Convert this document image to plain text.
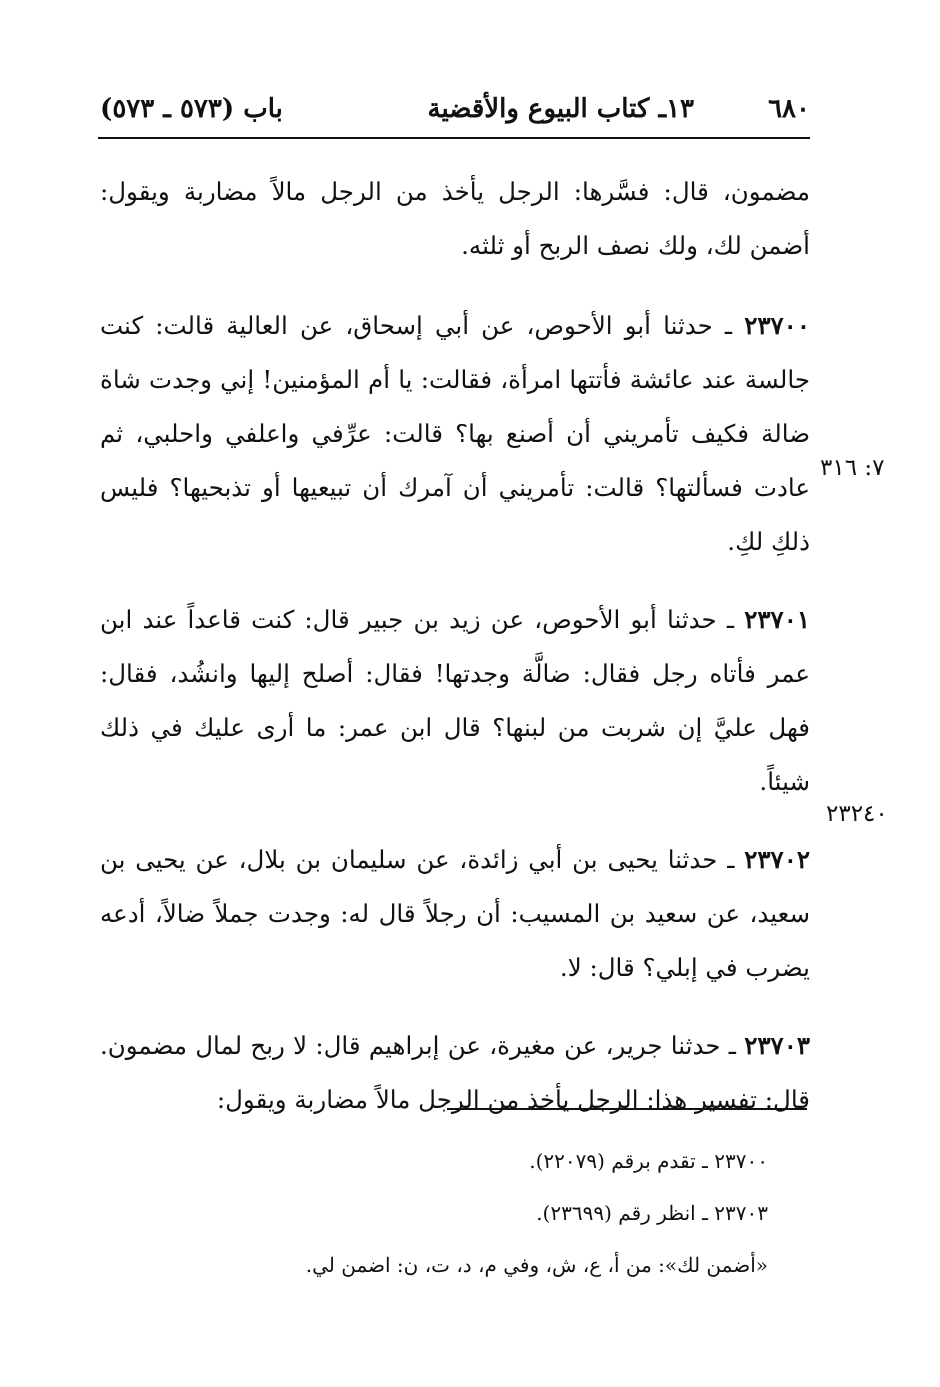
٦٨٠
١٣ـ كتاب البيوع والأقضية
باب (٥٧٣ ـ ٥٧٣)

مضمون، قال: فسَّرها: الرجل يأخذ من الرجل مالاً مضاربة ويقول: أضمن لك، ولك نصف الربح أو ثلثه.

٢٣٧٠٠ ـ حدثنا أبو الأحوص، عن أبي إسحاق، عن العالية قالت: كنت جالسة عند عائشة فأتتها امرأة، فقالت: يا أم المؤمنين! إني وجدت شاة ضالة فكيف تأمريني أن أصنع بها؟ قالت: عرِّفي واعلفي واحلبي، ثم عادت فسألتها؟ قالت: تأمريني أن آمرك أن تبيعيها أو تذبحيها؟ فليس ذلكِ لكِ.

٢٣٧٠١ ـ حدثنا أبو الأحوص، عن زيد بن جبير قال: كنت قاعداً عند ابن عمر فأتاه رجل فقال: ضالَّة وجدتها! فقال: أصلح إليها وانشُد، فقال: فهل عليَّ إن شربت من لبنها؟ قال ابن عمر: ما أرى عليك في ذلك شيئاً.

٢٣٧٠٢ ـ حدثنا يحيى بن أبي زائدة، عن سليمان بن بلال، عن يحيى بن سعيد، عن سعيد بن المسيب: أن رجلاً قال له: وجدت جملاً ضالاً، أدعه يضرب في إبلي؟ قال: لا.

٢٣٧٠٣ ـ حدثنا جرير، عن مغيرة، عن إبراهيم قال: لا ربح لمال مضمون. قال: تفسير هذا: الرجل يأخذ من الرجل مالاً مضاربة ويقول:

٧: ٣١٦
٢٣٢٤٠
٢٣٧٠٠ ـ تقدم برقم (٢٢٠٧٩).
٢٣٧٠٣ ـ انظر رقم (٢٣٦٩٩).
«أضمن لك»: من أ، ع، ش، وفي م، د، ت، ن: اضمن لي.
